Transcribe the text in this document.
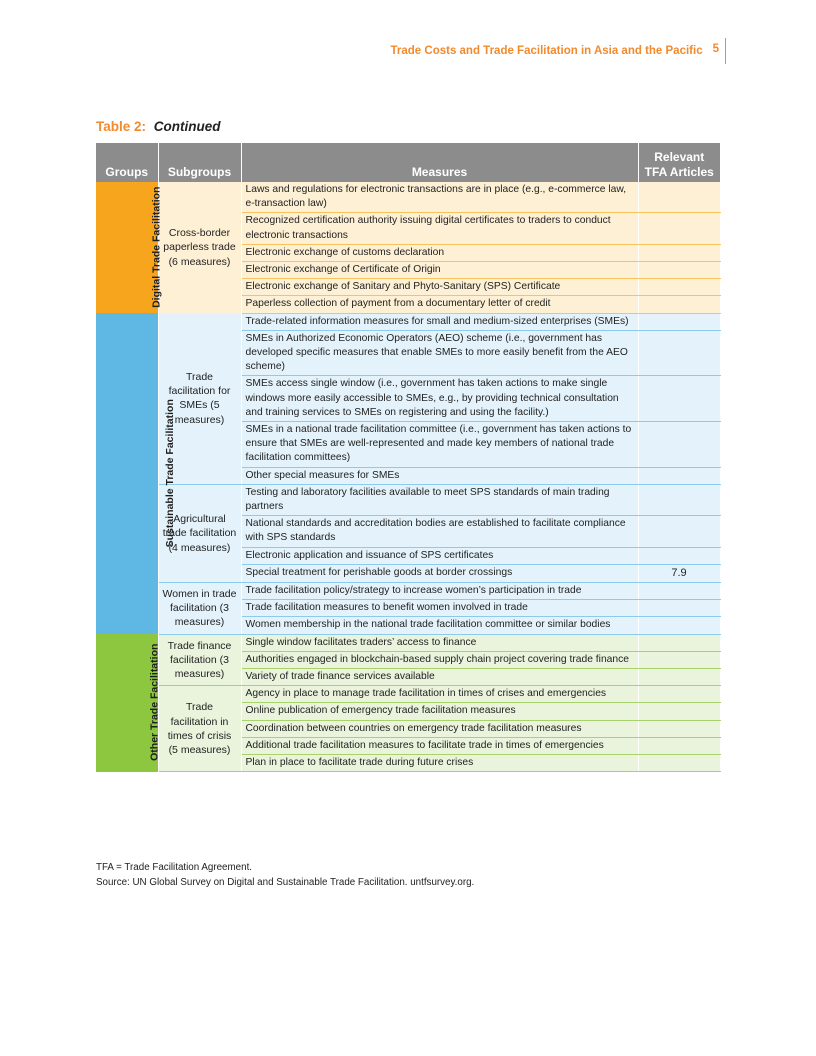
Trade Costs and Trade Facilitation in Asia and the Pacific 5
Table 2: Continued
Groups	Subgroups	Measures	Relevant
TFA Articles
Digital Trade Facilitation	Cross-border paperless trade (6 measures)	Laws and regulations for electronic transactions are in place (e.g., e-commerce law, e-transaction law)	
		Recognized certification authority issuing digital certificates to traders to conduct electronic transactions	
		Electronic exchange of customs declaration	
		Electronic exchange of Certificate of Origin	
		Electronic exchange of Sanitary and Phyto-Sanitary (SPS) Certificate	
		Paperless collection of payment from a documentary letter of credit	
Sustainable Trade Facilitation	Trade facilitation for SMEs (5 measures)	Trade-related information measures for small and medium-sized enterprises (SMEs)	
		SMEs in Authorized Economic Operators (AEO) scheme (i.e., government has developed specific measures that enable SMEs to more easily benefit from the AEO scheme)	
		SMEs access single window (i.e., government has taken actions to make single windows more easily accessible to SMEs, e.g., by providing technical consultation and training services to SMEs on registering and using the facility.)	
		SMEs in a national trade facilitation committee (i.e., government has taken actions to ensure that SMEs are well-represented and made key members of national trade facilitation committees)	
		Other special measures for SMEs	
	Agricultural trade facilitation (4 measures)	Testing and laboratory facilities available to meet SPS standards of main trading partners	
		National standards and accreditation bodies are established to facilitate compliance with SPS standards	
		Electronic application and issuance of SPS certificates	
		Special treatment for perishable goods at border crossings	7.9
	Women in trade facilitation (3 measures)	Trade facilitation policy/strategy to increase women’s participation in trade	
		Trade facilitation measures to benefit women involved in trade	
		Women membership in the national trade facilitation committee or similar bodies	
Other Trade Facilitation	Trade finance facilitation (3 measures)	Single window facilitates traders’ access to finance	
		Authorities engaged in blockchain-based supply chain project covering trade finance	
		Variety of trade finance services available	
	Trade facilitation in times of crisis (5 measures)	Agency in place to manage trade facilitation in times of crises and emergencies	
		Online publication of emergency trade facilitation measures	
		Coordination between countries on emergency trade facilitation measures	
		Additional trade facilitation measures to facilitate trade in times of emergencies	
		Plan in place to facilitate trade during future crises	
TFA = Trade Facilitation Agreement.
Source: UN Global Survey on Digital and Sustainable Trade Facilitation. untfsurvey.org.
